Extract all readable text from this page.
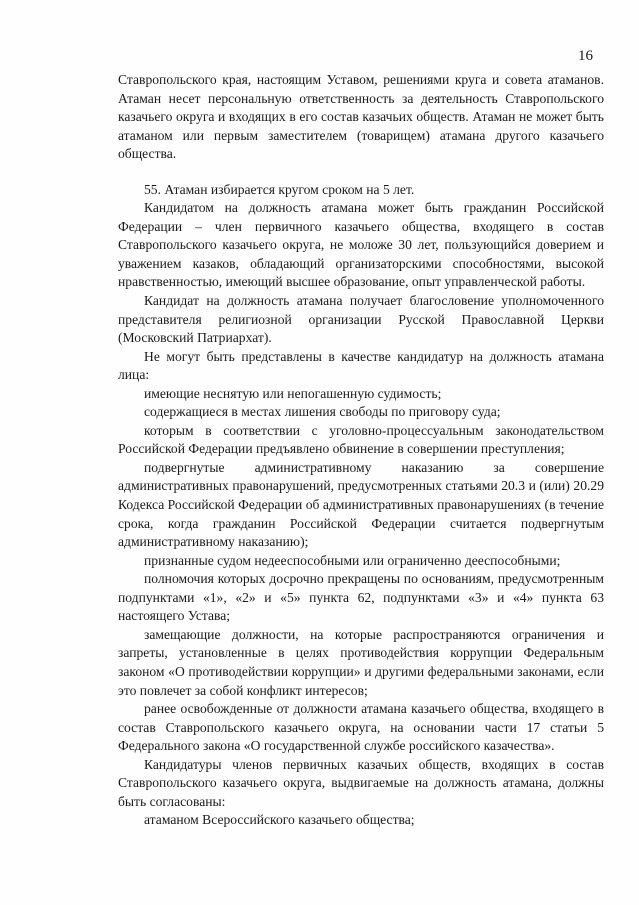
16

Ставропольского края, настоящим Уставом, решениями круга и совета атаманов. Атаман несет персональную ответственность за деятельность Ставропольского казачьего округа и входящих в его состав казачьих обществ. Атаман не может быть атаманом или первым заместителем (товарищем) атамана другого казачьего общества.

55. Атаман избирается кругом сроком на 5 лет.

Кандидатом на должность атамана может быть гражданин Российской Федерации – член первичного казачьего общества, входящего в состав Ставропольского казачьего округа, не моложе 30 лет, пользующийся доверием и уважением казаков, обладающий организаторскими способностями, высокой нравственностью, имеющий высшее образование, опыт управленческой работы.

Кандидат на должность атамана получает благословение уполномоченного представителя религиозной организации Русской Православной Церкви (Московский Патриархат).

Не могут быть представлены в качестве кандидатур на должность атамана лица:

имеющие неснятую или непогашенную судимость;

содержащиеся в местах лишения свободы по приговору суда;

которым в соответствии с уголовно-процессуальным законодательством Российской Федерации предъявлено обвинение в совершении преступления;

подвергнутые административному наказанию за совершение административных правонарушений, предусмотренных статьями 20.3 и (или) 20.29 Кодекса Российской Федерации об административных правонарушениях (в течение срока, когда гражданин Российской Федерации считается подвергнутым административному наказанию);

признанные судом недееспособными или ограниченно дееспособными;

полномочия которых досрочно прекращены по основаниям, предусмотренным подпунктами «1», «2» и «5» пункта 62, подпунктами «3» и «4» пункта 63 настоящего Устава;

замещающие должности, на которые распространяются ограничения и запреты, установленные в целях противодействия коррупции Федеральным законом «О противодействии коррупции» и другими федеральными законами, если это повлечет за собой конфликт интересов;

ранее освобожденные от должности атамана казачьего общества, входящего в состав Ставропольского казачьего округа, на основании части 17 статьи 5 Федерального закона «О государственной службе российского казачества».

Кандидатуры членов первичных казачьих обществ, входящих в состав Ставропольского казачьего округа, выдвигаемые на должность атамана, должны быть согласованы:

атаманом Всероссийского казачьего общества;
